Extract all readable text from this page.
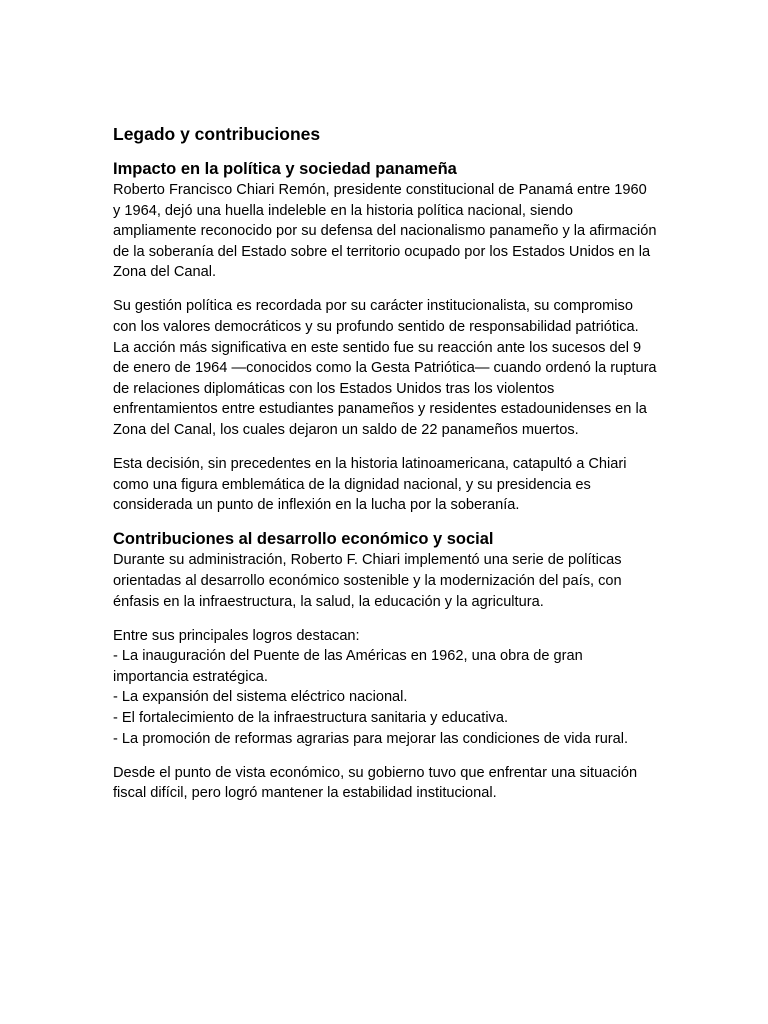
Legado y contribuciones
Impacto en la política y sociedad panameña

Roberto Francisco Chiari Remón, presidente constitucional de Panamá entre 1960 y 1964, dejó una huella indeleble en la historia política nacional, siendo ampliamente reconocido por su defensa del nacionalismo panameño y la afirmación de la soberanía del Estado sobre el territorio ocupado por los Estados Unidos en la Zona del Canal.

Su gestión política es recordada por su carácter institucionalista, su compromiso con los valores democráticos y su profundo sentido de responsabilidad patriótica. La acción más significativa en este sentido fue su reacción ante los sucesos del 9 de enero de 1964 —conocidos como la Gesta Patriótica— cuando ordenó la ruptura de relaciones diplomáticas con los Estados Unidos tras los violentos enfrentamientos entre estudiantes panameños y residentes estadounidenses en la Zona del Canal, los cuales dejaron un saldo de 22 panameños muertos.

Esta decisión, sin precedentes en la historia latinoamericana, catapultó a Chiari como una figura emblemática de la dignidad nacional, y su presidencia es considerada un punto de inflexión en la lucha por la soberanía.

Contribuciones al desarrollo económico y social

Durante su administración, Roberto F. Chiari implementó una serie de políticas orientadas al desarrollo económico sostenible y la modernización del país, con énfasis en la infraestructura, la salud, la educación y la agricultura.

Entre sus principales logros destacan:

- La inauguración del Puente de las Américas en 1962, una obra de gran importancia estratégica.
- La expansión del sistema eléctrico nacional.
- El fortalecimiento de la infraestructura sanitaria y educativa.
- La promoción de reformas agrarias para mejorar las condiciones de vida rural.

Desde el punto de vista económico, su gobierno tuvo que enfrentar una situación fiscal difícil, pero logró mantener la estabilidad institucional.
